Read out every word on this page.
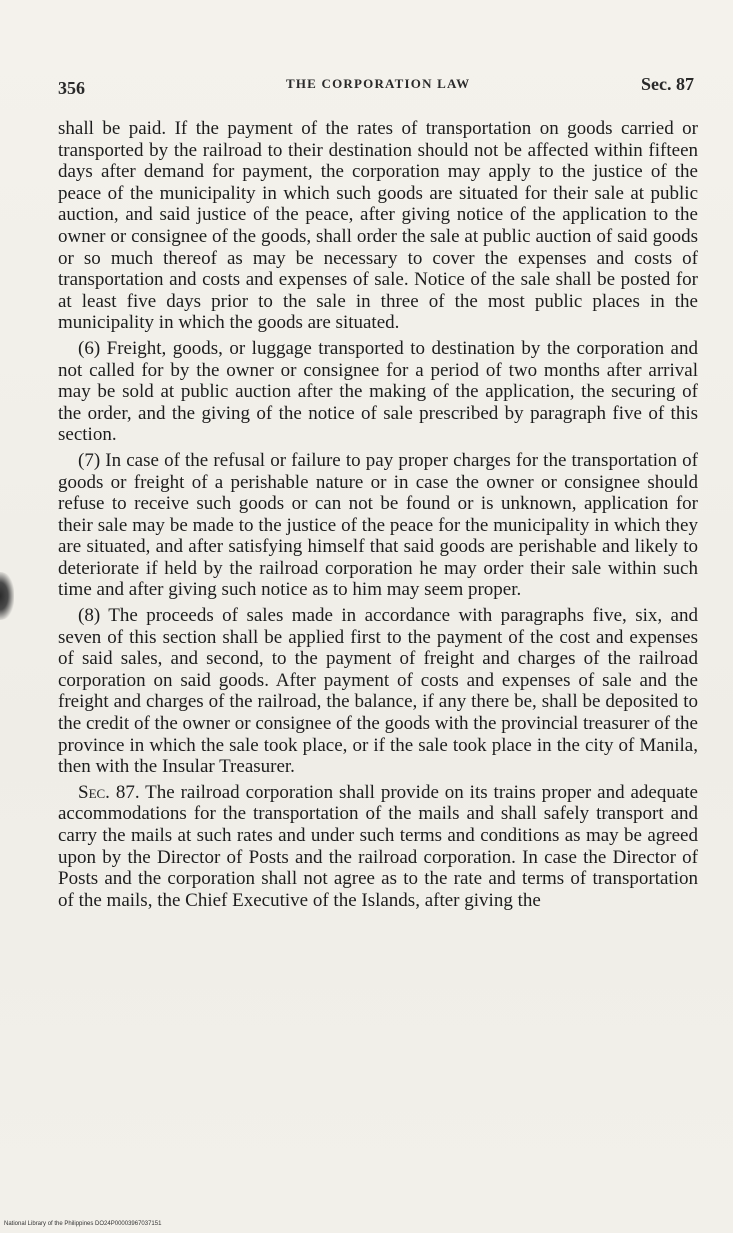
356	THE CORPORATION LAW	Sec. 87

shall be paid. If the payment of the rates of transportation on goods carried or transported by the railroad to their destination should not be affected within fifteen days after demand for payment, the corporation may apply to the justice of the peace of the municipality in which such goods are situated for their sale at public auction, and said justice of the peace, after giving notice of the application to the owner or consignee of the goods, shall order the sale at public auction of said goods or so much thereof as may be necessary to cover the expenses and costs of transportation and costs and expenses of sale. Notice of the sale shall be posted for at least five days prior to the sale in three of the most public places in the municipality in which the goods are situated.

(6) Freight, goods, or luggage transported to destination by the corporation and not called for by the owner or consignee for a period of two months after arrival may be sold at public auction after the making of the application, the securing of the order, and the giving of the notice of sale prescribed by paragraph five of this section.

(7) In case of the refusal or failure to pay proper charges for the transportation of goods or freight of a perishable nature or in case the owner or consignee should refuse to receive such goods or can not be found or is unknown, application for their sale may be made to the justice of the peace for the municipality in which they are situated, and after satisfying himself that said goods are perishable and likely to deteriorate if held by the railroad corporation he may order their sale within such time and after giving such notice as to him may seem proper.

(8) The proceeds of sales made in accordance with paragraphs five, six, and seven of this section shall be applied first to the payment of the cost and expenses of said sales, and second, to the payment of freight and charges of the railroad corporation on said goods. After payment of costs and expenses of sale and the freight and charges of the railroad, the balance, if any there be, shall be deposited to the credit of the owner or consignee of the goods with the provincial treasurer of the province in which the sale took place, or if the sale took place in the city of Manila, then with the Insular Treasurer.

Sec. 87. The railroad corporation shall provide on its trains proper and adequate accommodations for the transportation of the mails and shall safely transport and carry the mails at such rates and under such terms and conditions as may be agreed upon by the Director of Posts and the railroad corporation. In case the Director of Posts and the corporation shall not agree as to the rate and terms of transportation of the mails, the Chief Executive of the Islands, after giving the

National Library of the Philippines DO24P00003967037151
